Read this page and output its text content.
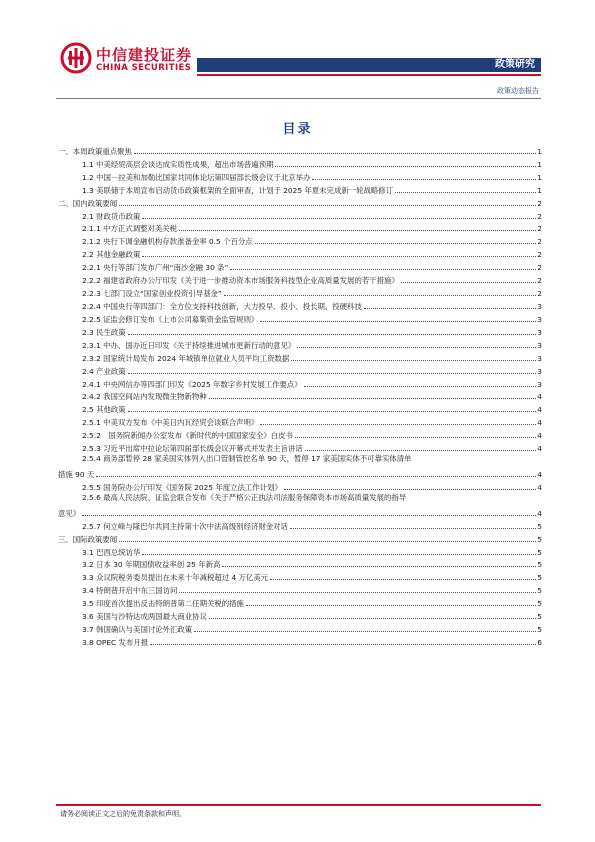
中信建投证券
CHINA SECURITIES	政策研究
政策动态报告
目录
一、本周政策重点聚焦	1
1.1 中美经贸高层会谈达成实质性成果，超出市场普遍预期	1
1.2 中国－拉美和加勒比国家共同体论坛第四届部长级会议于北京举办	1
1.3 美联储于本周宣布启动货币政策框架的全面审查，计划于 2025 年夏末完成新一轮战略修订	1
二、国内政策要闻	2
2.1 财政货币政策	2
2.1.1 中方正式调整对美关税	2
2.1.2 央行下调金融机构存款准备金率 0.5 个百分点	2
2.2 其他金融政策	2
2.2.1 央行等部门发布广州“南沙金融 30 条”	2
2.2.2 福建省政府办公厅印发《关于进一步推动资本市场服务科技型企业高质量发展的若干措施》	2
2.2.3 七部门设立“国家创业投资引导基金”	2
2.2.4 中国央行等四部门：全方位支持科技创新，大力投早、投小、投长期、投硬科技	3
2.2.5 证监会修订发布《上市公司募集资金监管规则》	3
2.3 民生政策	3
2.3.1 中办、国办近日印发《关于持续推进城市更新行动的意见》	3
2.3.2 国家统计局发布 2024 年城镇单位就业人员平均工资数据	3
2.4 产业政策	3
2.4.1 中央网信办等四部门印发《2025 年数字乡村发展工作要点》	3
2.4.2 我国空间站内发现微生物新物种	4
2.5 其他政策	4
2.5.1 中美双方发布《中美日内瓦经贸会谈联合声明》	4
2.5.2　国务院新闻办公室发布《新时代的中国国家安全》白皮书	4
2.5.3 习近平出席中拉论坛第四届部长级会议开幕式并发表主旨讲话	4
2.5.4 商务部暂停 28 家美国实体列入出口管制管控名单 90 天，暂停 17 家美国实体不可靠实体清单
措施 90 天	4
2.5.5 国务院办公厅印发《国务院 2025 年度立法工作计划》	4
2.5.6 最高人民法院、证监会联合发布《关于严格公正执法司法服务保障资本市场高质量发展的指导
意见》	4
2.5.7 何立峰与隆巴尔共同主持第十次中法高级别经济财金对话	5
三、国际政策要闻	5
3.1 巴西总统访华	5
3.2 日本 30 年期国债收益率创 25 年新高	5
3.3 众议院税务委员提出在未来十年减税超过 4 万亿美元	5
3.4 特朗普开启中东三国访问	5
3.5 印度首次提出反击特朗普第二任期关税的措施	5
3.6 美国与沙特达成两国最大商业协议	5
3.7 韩国确认与美国讨论外汇政策	5
3.8 OPEC 发布月报	6
请务必阅读正文之后的免责条款和声明。
